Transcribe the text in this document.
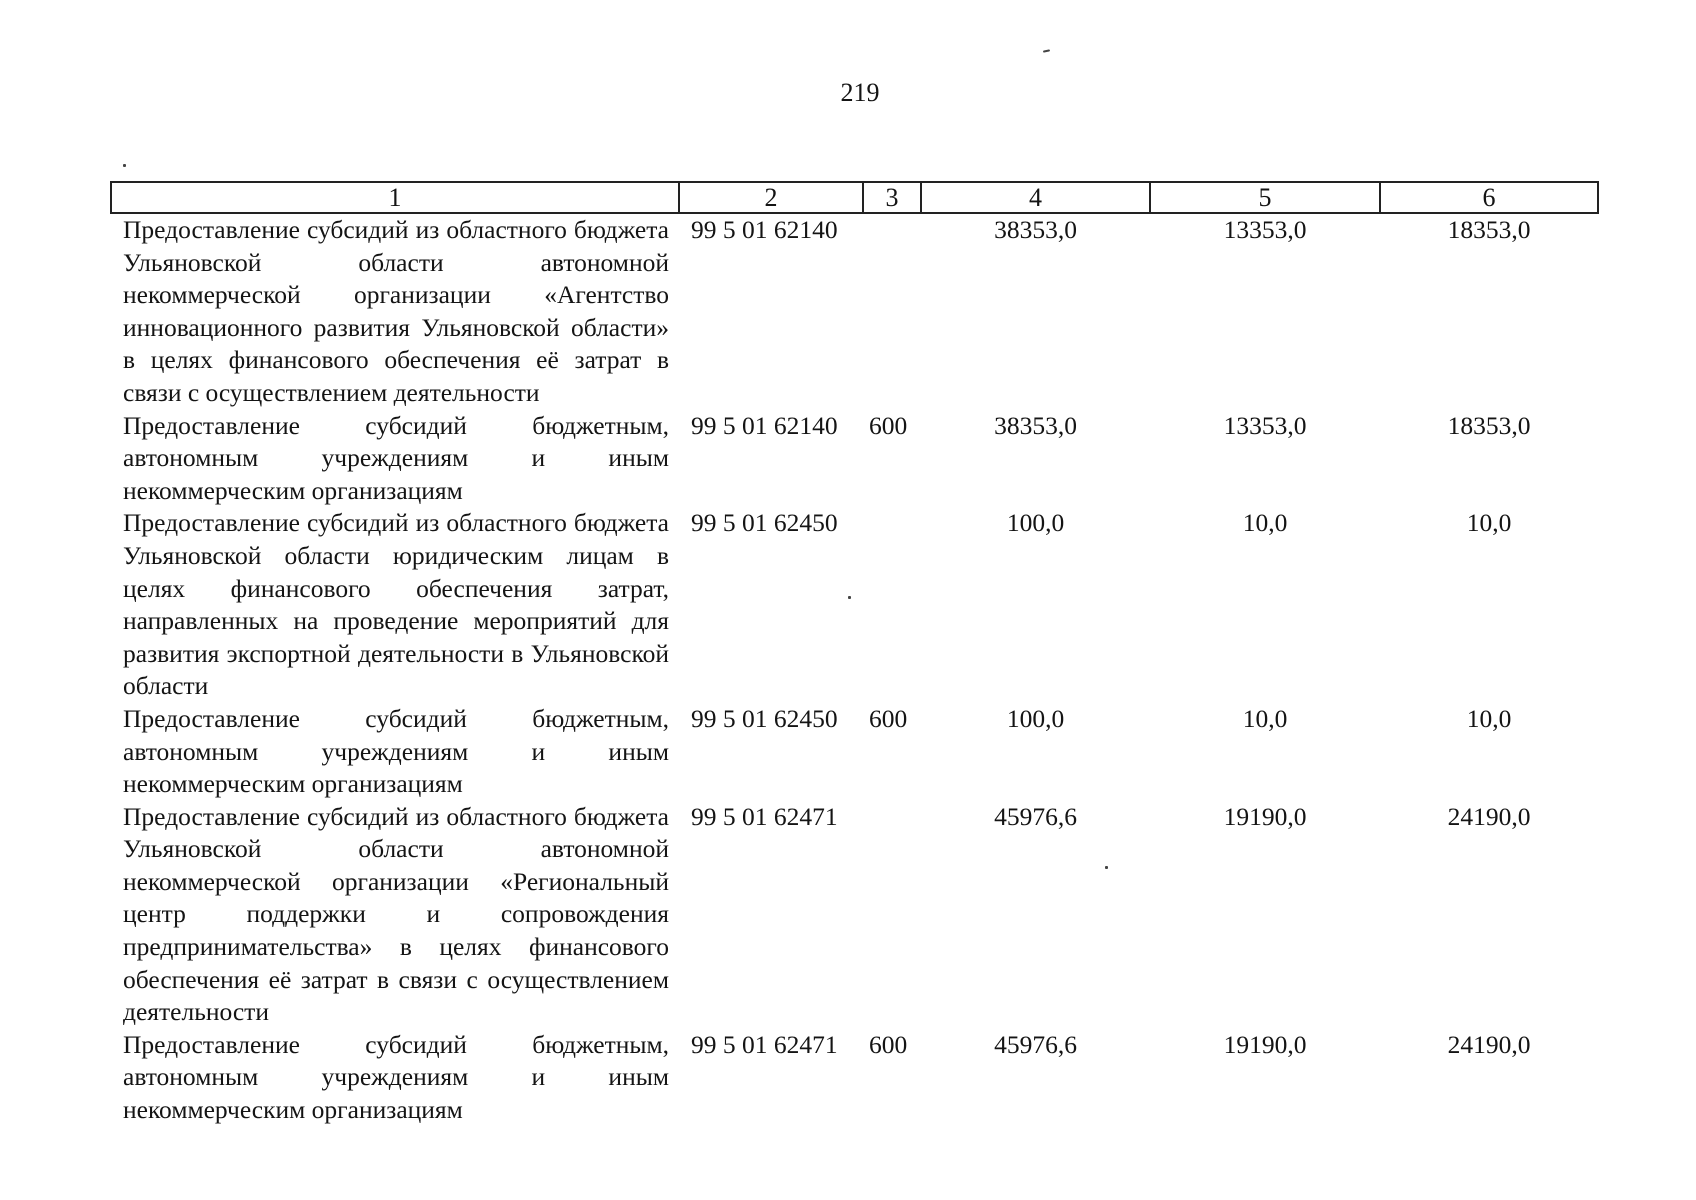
219
1	2	3	4	5	6
Предоставление субсидий из областного бюджета Ульяновской области автономной некоммерческой организации «Агентство инновационного развития Ульяновской области» в целях финансового обеспечения её затрат в связи с осуществлением деятельности	99 5 01 62140		38353,0	13353,0	18353,0
Предоставление субсидий бюджетным, автономным учреждениям и иным некоммерческим организациям	99 5 01 62140	600	38353,0	13353,0	18353,0
Предоставление субсидий из областного бюджета Ульяновской области юридическим лицам в целях финансового обеспечения затрат, направленных на проведение мероприятий для развития экспортной деятельности в Ульяновской области	99 5 01 62450		100,0	10,0	10,0
Предоставление субсидий бюджетным, автономным учреждениям и иным некоммерческим организациям	99 5 01 62450	600	100,0	10,0	10,0
Предоставление субсидий из областного бюджета Ульяновской области автономной некоммерческой организации «Региональный центр поддержки и сопровождения предпринимательства» в целях финансового обеспечения её затрат в связи с осуществлением деятельности	99 5 01 62471		45976,6	19190,0	24190,0
Предоставление субсидий бюджетным, автономным учреждениям и иным некоммерческим организациям	99 5 01 62471	600	45976,6	19190,0	24190,0
